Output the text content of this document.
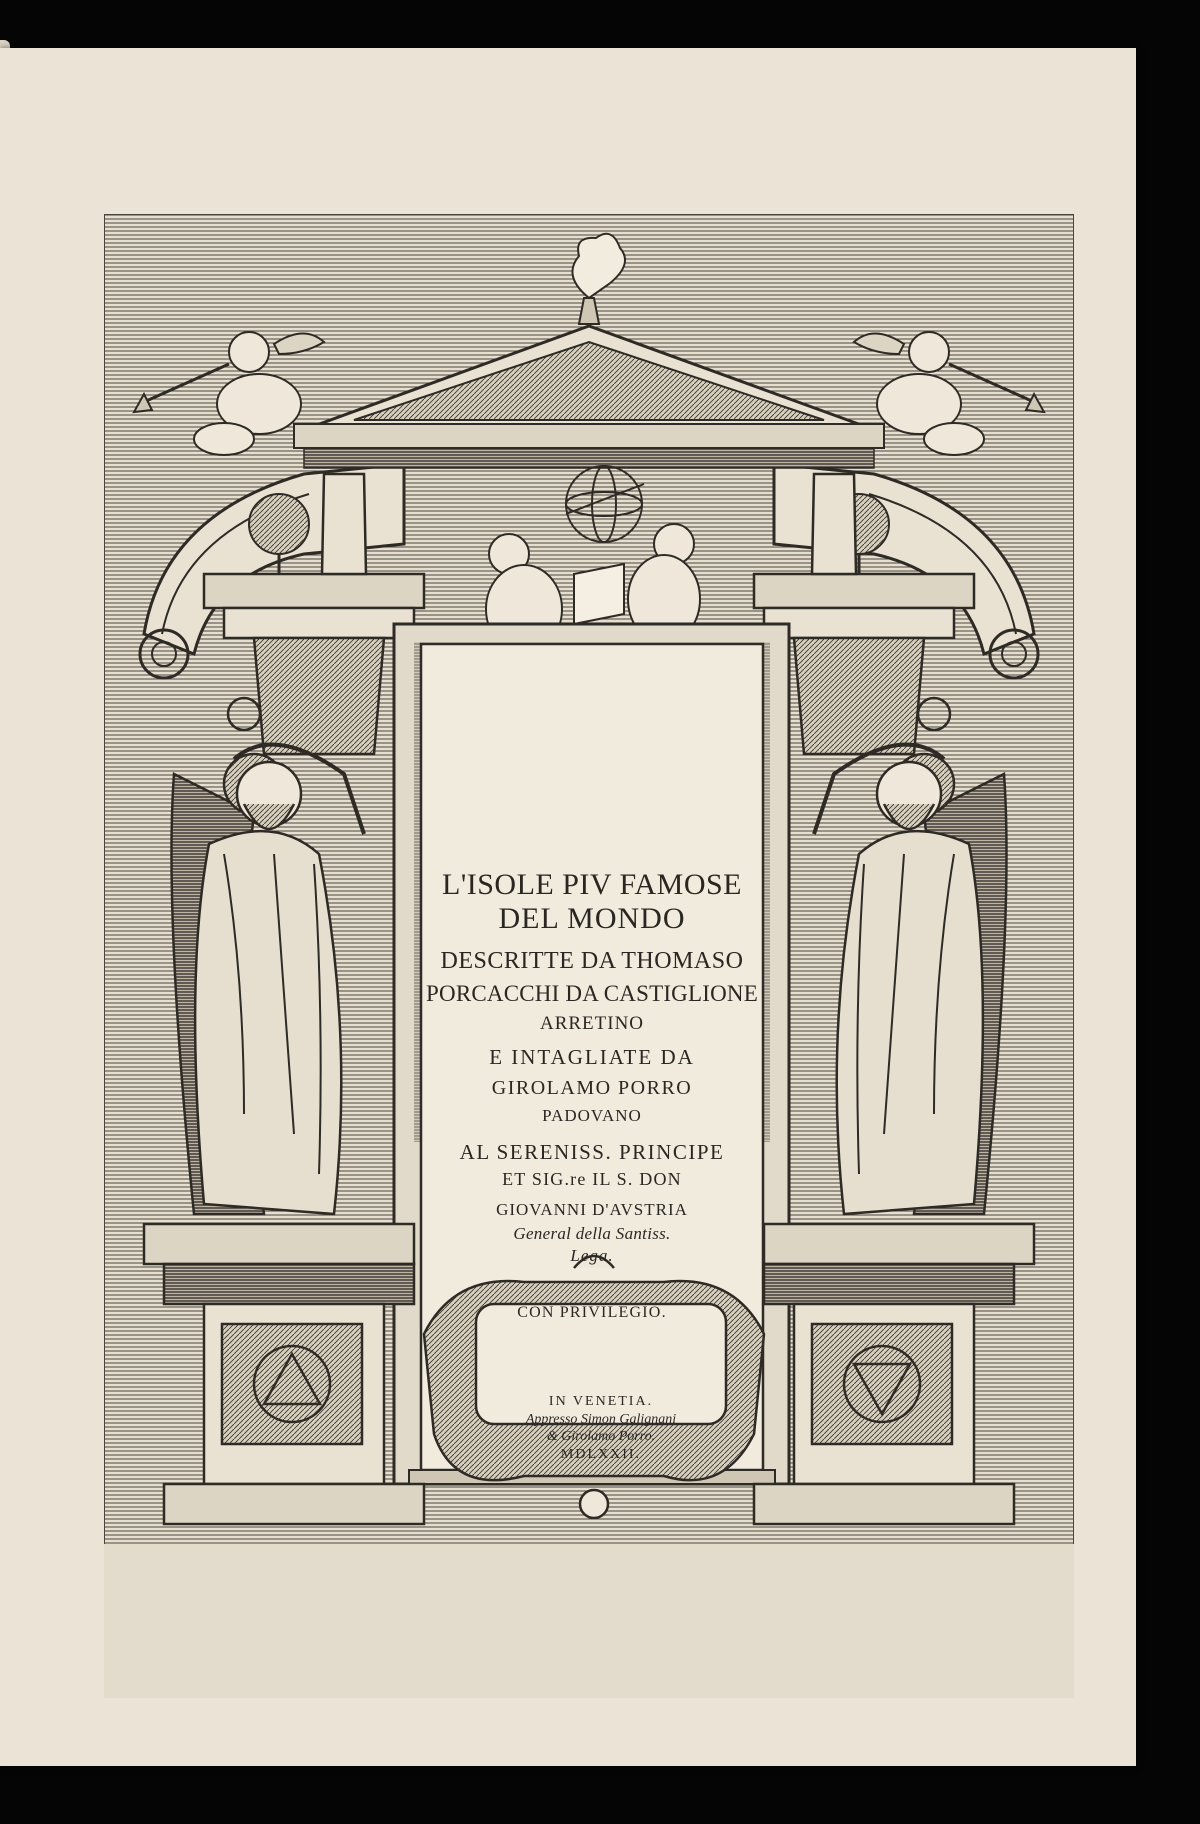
L'ISOLE PIV FAMOSE
DEL MONDO
DESCRITTE DA THOMASO
PORCACCHI DA CASTIGLIONE
ARRETINO
E INTAGLIATE DA
GIROLAMO PORRO
PADOVANO
AL SERENISS. PRINCIPE
ET SIG.re IL S. DON
GIOVANNI D'AVSTRIA
General della Santiss.
Lega.
CON PRIVILEGIO.
IN VENETIA.
Appresso Simon Galignani
& Girolamo Porro.
MDLXXII.
